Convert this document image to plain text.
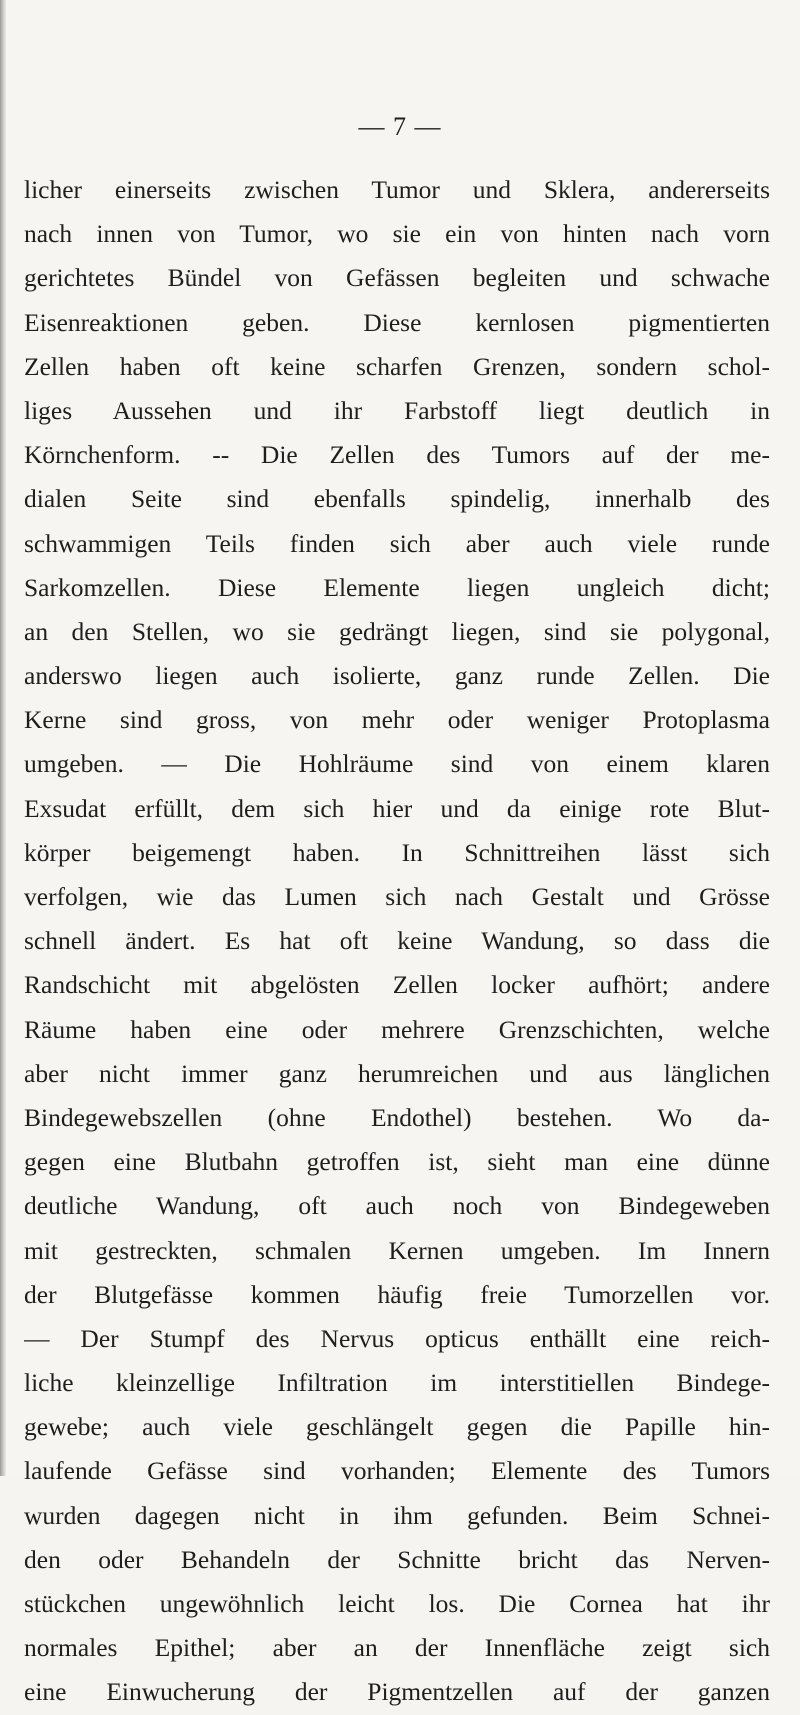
— 7 —
licher einerseits zwischen Tumor und Sklera, andererseits
nach innen von Tumor, wo sie ein von hinten nach vorn
gerichtetes Bündel von Gefässen begleiten und schwache
Eisenreaktionen geben. Diese kernlosen pigmentierten
Zellen haben oft keine scharfen Grenzen, sondern schol-
liges Aussehen und ihr Farbstoff liegt deutlich in
Körnchenform. -- Die Zellen des Tumors auf der me-
dialen Seite sind ebenfalls spindelig, innerhalb des
schwammigen Teils finden sich aber auch viele runde
Sarkomzellen. Diese Elemente liegen ungleich dicht;
an den Stellen, wo sie gedrängt liegen, sind sie polygonal,
anderswo liegen auch isolierte, ganz runde Zellen. Die
Kerne sind gross, von mehr oder weniger Protoplasma
umgeben. — Die Hohlräume sind von einem klaren
Exsudat erfüllt, dem sich hier und da einige rote Blut-
körper beigemengt haben. In Schnittreihen lässt sich
verfolgen, wie das Lumen sich nach Gestalt und Grösse
schnell ändert. Es hat oft keine Wandung, so dass die
Randschicht mit abgelösten Zellen locker aufhört; andere
Räume haben eine oder mehrere Grenzschichten, welche
aber nicht immer ganz herumreichen und aus länglichen
Bindegewebszellen (ohne Endothel) bestehen. Wo da-
gegen eine Blutbahn getroffen ist, sieht man eine dünne
deutliche Wandung, oft auch noch von Bindegeweben
mit gestreckten, schmalen Kernen umgeben. Im Innern
der Blutgefässe kommen häufig freie Tumorzellen vor.
— Der Stumpf des Nervus opticus enthällt eine reich-
liche kleinzellige Infiltration im interstitiellen Bindege-
gewebe; auch viele geschlängelt gegen die Papille hin-
laufende Gefässe sind vorhanden; Elemente des Tumors
wurden dagegen nicht in ihm gefunden. Beim Schnei-
den oder Behandeln der Schnitte bricht das Nerven-
stückchen ungewöhnlich leicht los. Die Cornea hat ihr
normales Epithel; aber an der Innenfläche zeigt sich
eine Einwucherung der Pigmentzellen auf der ganzen
